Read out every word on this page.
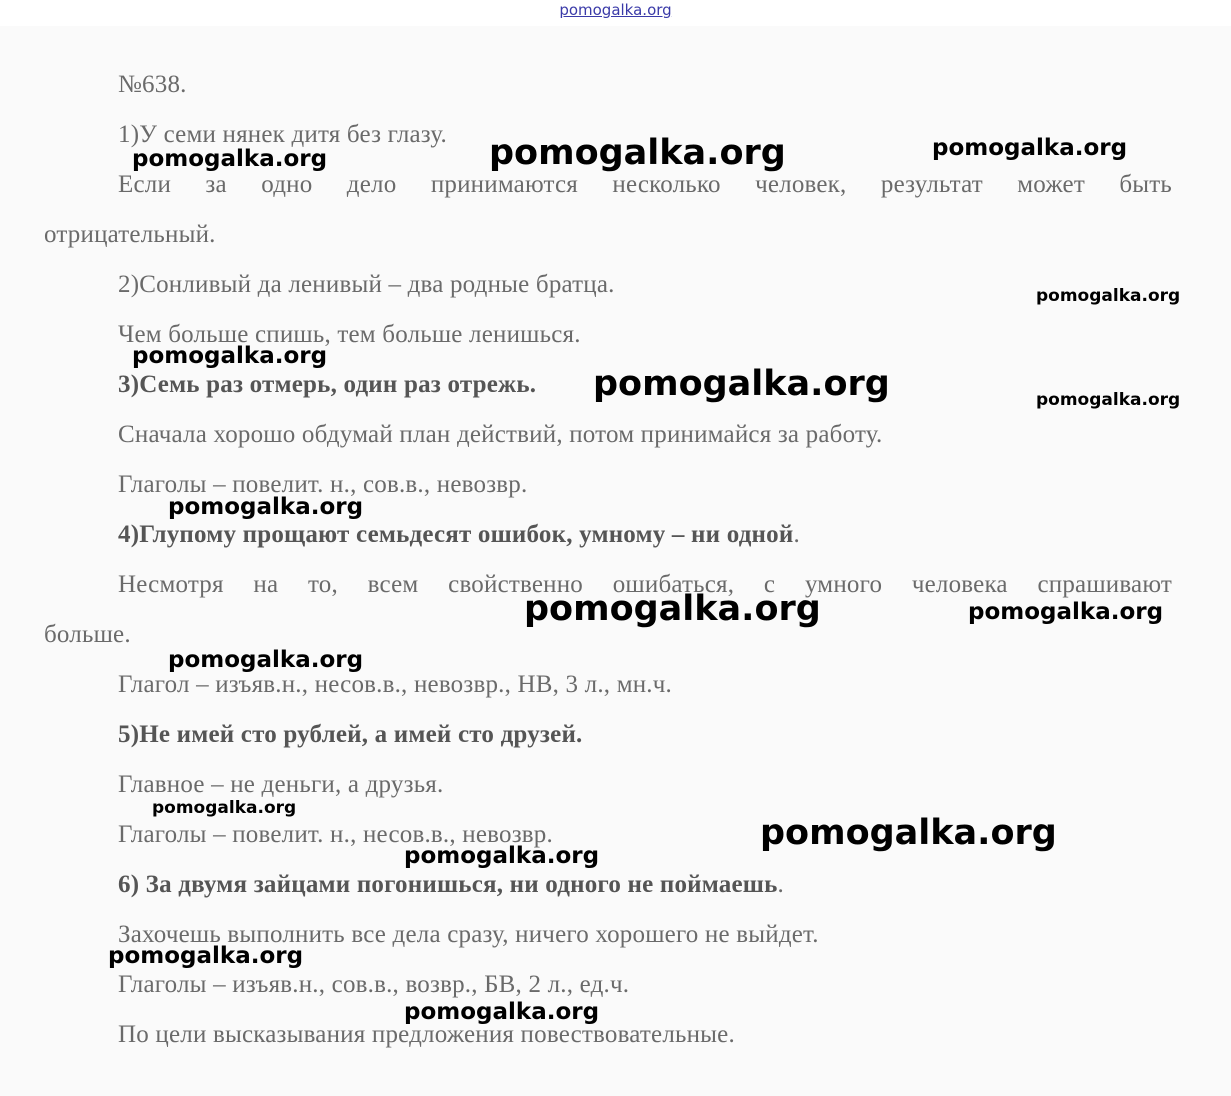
pomogalka.org
№638.
1)У семи нянек дитя без глазу.
Если за одно дело принимаются несколько человек, результат может быть
отрицательный.
2)Сонливый да ленивый – два родные братца.
Чем больше спишь, тем больше ленишься.
3)Семь раз отмерь, один раз отрежь.
Сначала хорошо обдумай план действий, потом принимайся за работу.
Глаголы – повелит. н., сов.в., невозвр.
4)Глупому прощают семьдесят ошибок, умному – ни одной.
Несмотря на то, всем свойственно ошибаться, с умного человека спрашивают
больше.
Глагол – изъяв.н., несов.в., невозвр., НВ, 3 л., мн.ч.
5)Не имей сто рублей, а имей сто друзей.
Главное – не деньги, а друзья.
Глаголы – повелит. н., несов.в., невозвр.
6) За двумя зайцами погонишься, ни одного не поймаешь.
Захочешь выполнить все дела сразу, ничего хорошего не выйдет.
Глаголы – изъяв.н., сов.в., возвр., БВ, 2 л., ед.ч.
По цели высказывания предложения повествовательные.
pomogalka.org	pomogalka.org	pomogalka.org
pomogalka.org
pomogalka.org
pomogalka.org	pomogalka.org
pomogalka.org
pomogalka.org	pomogalka.org
pomogalka.org
pomogalka.org
pomogalka.org
pomogalka.org
pomogalka.org
pomogalka.org
